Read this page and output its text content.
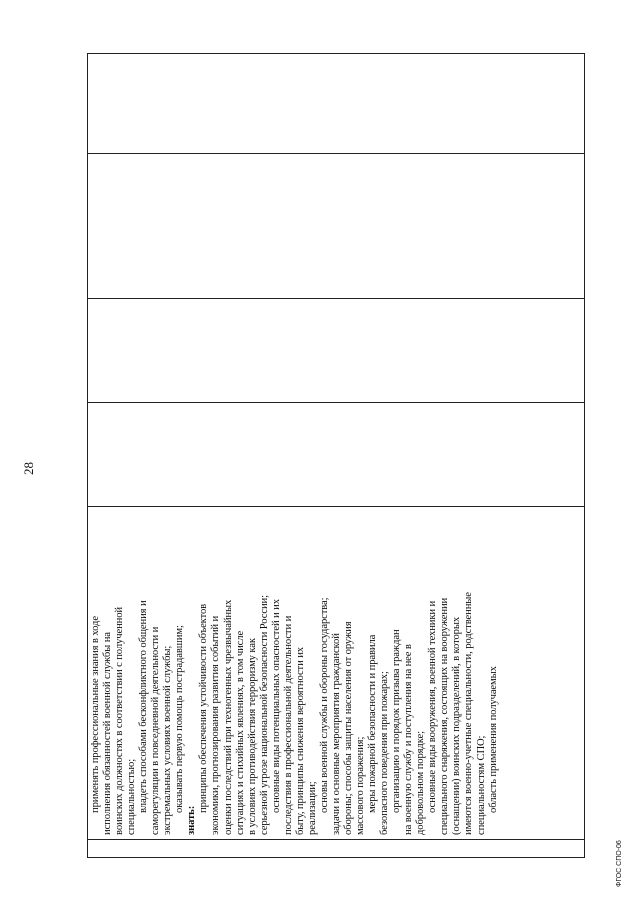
28
применять профессиональные знания в ходе исполнения обязанностей военной службы на воинских должностях в соответствии с полученной специальностью; владеть способами бесконфликтного общения и саморегуляции в повседневной деятельности и экстремальных условиях военной службы; оказывать первую помощь пострадавшим;
знать:
принципы обеспечения устойчивости объектов экономики, прогнозирования развития событий и оценки последствий при техногенных чрезвычайных ситуациях и стихийных явлениях, в том числе в условиях противодействия терроризму как серьезной угрозе национальной безопасности России; основные виды потенциальных опасностей и их последствия в профессиональной деятельности и быту, принципы снижения вероятности их реализации; основы военной службы и обороны государства; задачи и основные мероприятия гражданской обороны; способы защиты населения от оружия массового поражения; меры пожарной безопасности и правила безопасного поведения при пожарах; организацию и порядок призыва граждан на военную службу и поступления на нее в добровольном порядке; основные виды вооружения, военной техники и специального снаряжения, состоящих на вооружении (оснащении) воинских подразделений, в которых имеются военно-учетные специальности, родственные специальностям СПО; область применения получаемых
ФГОС СПО-06
